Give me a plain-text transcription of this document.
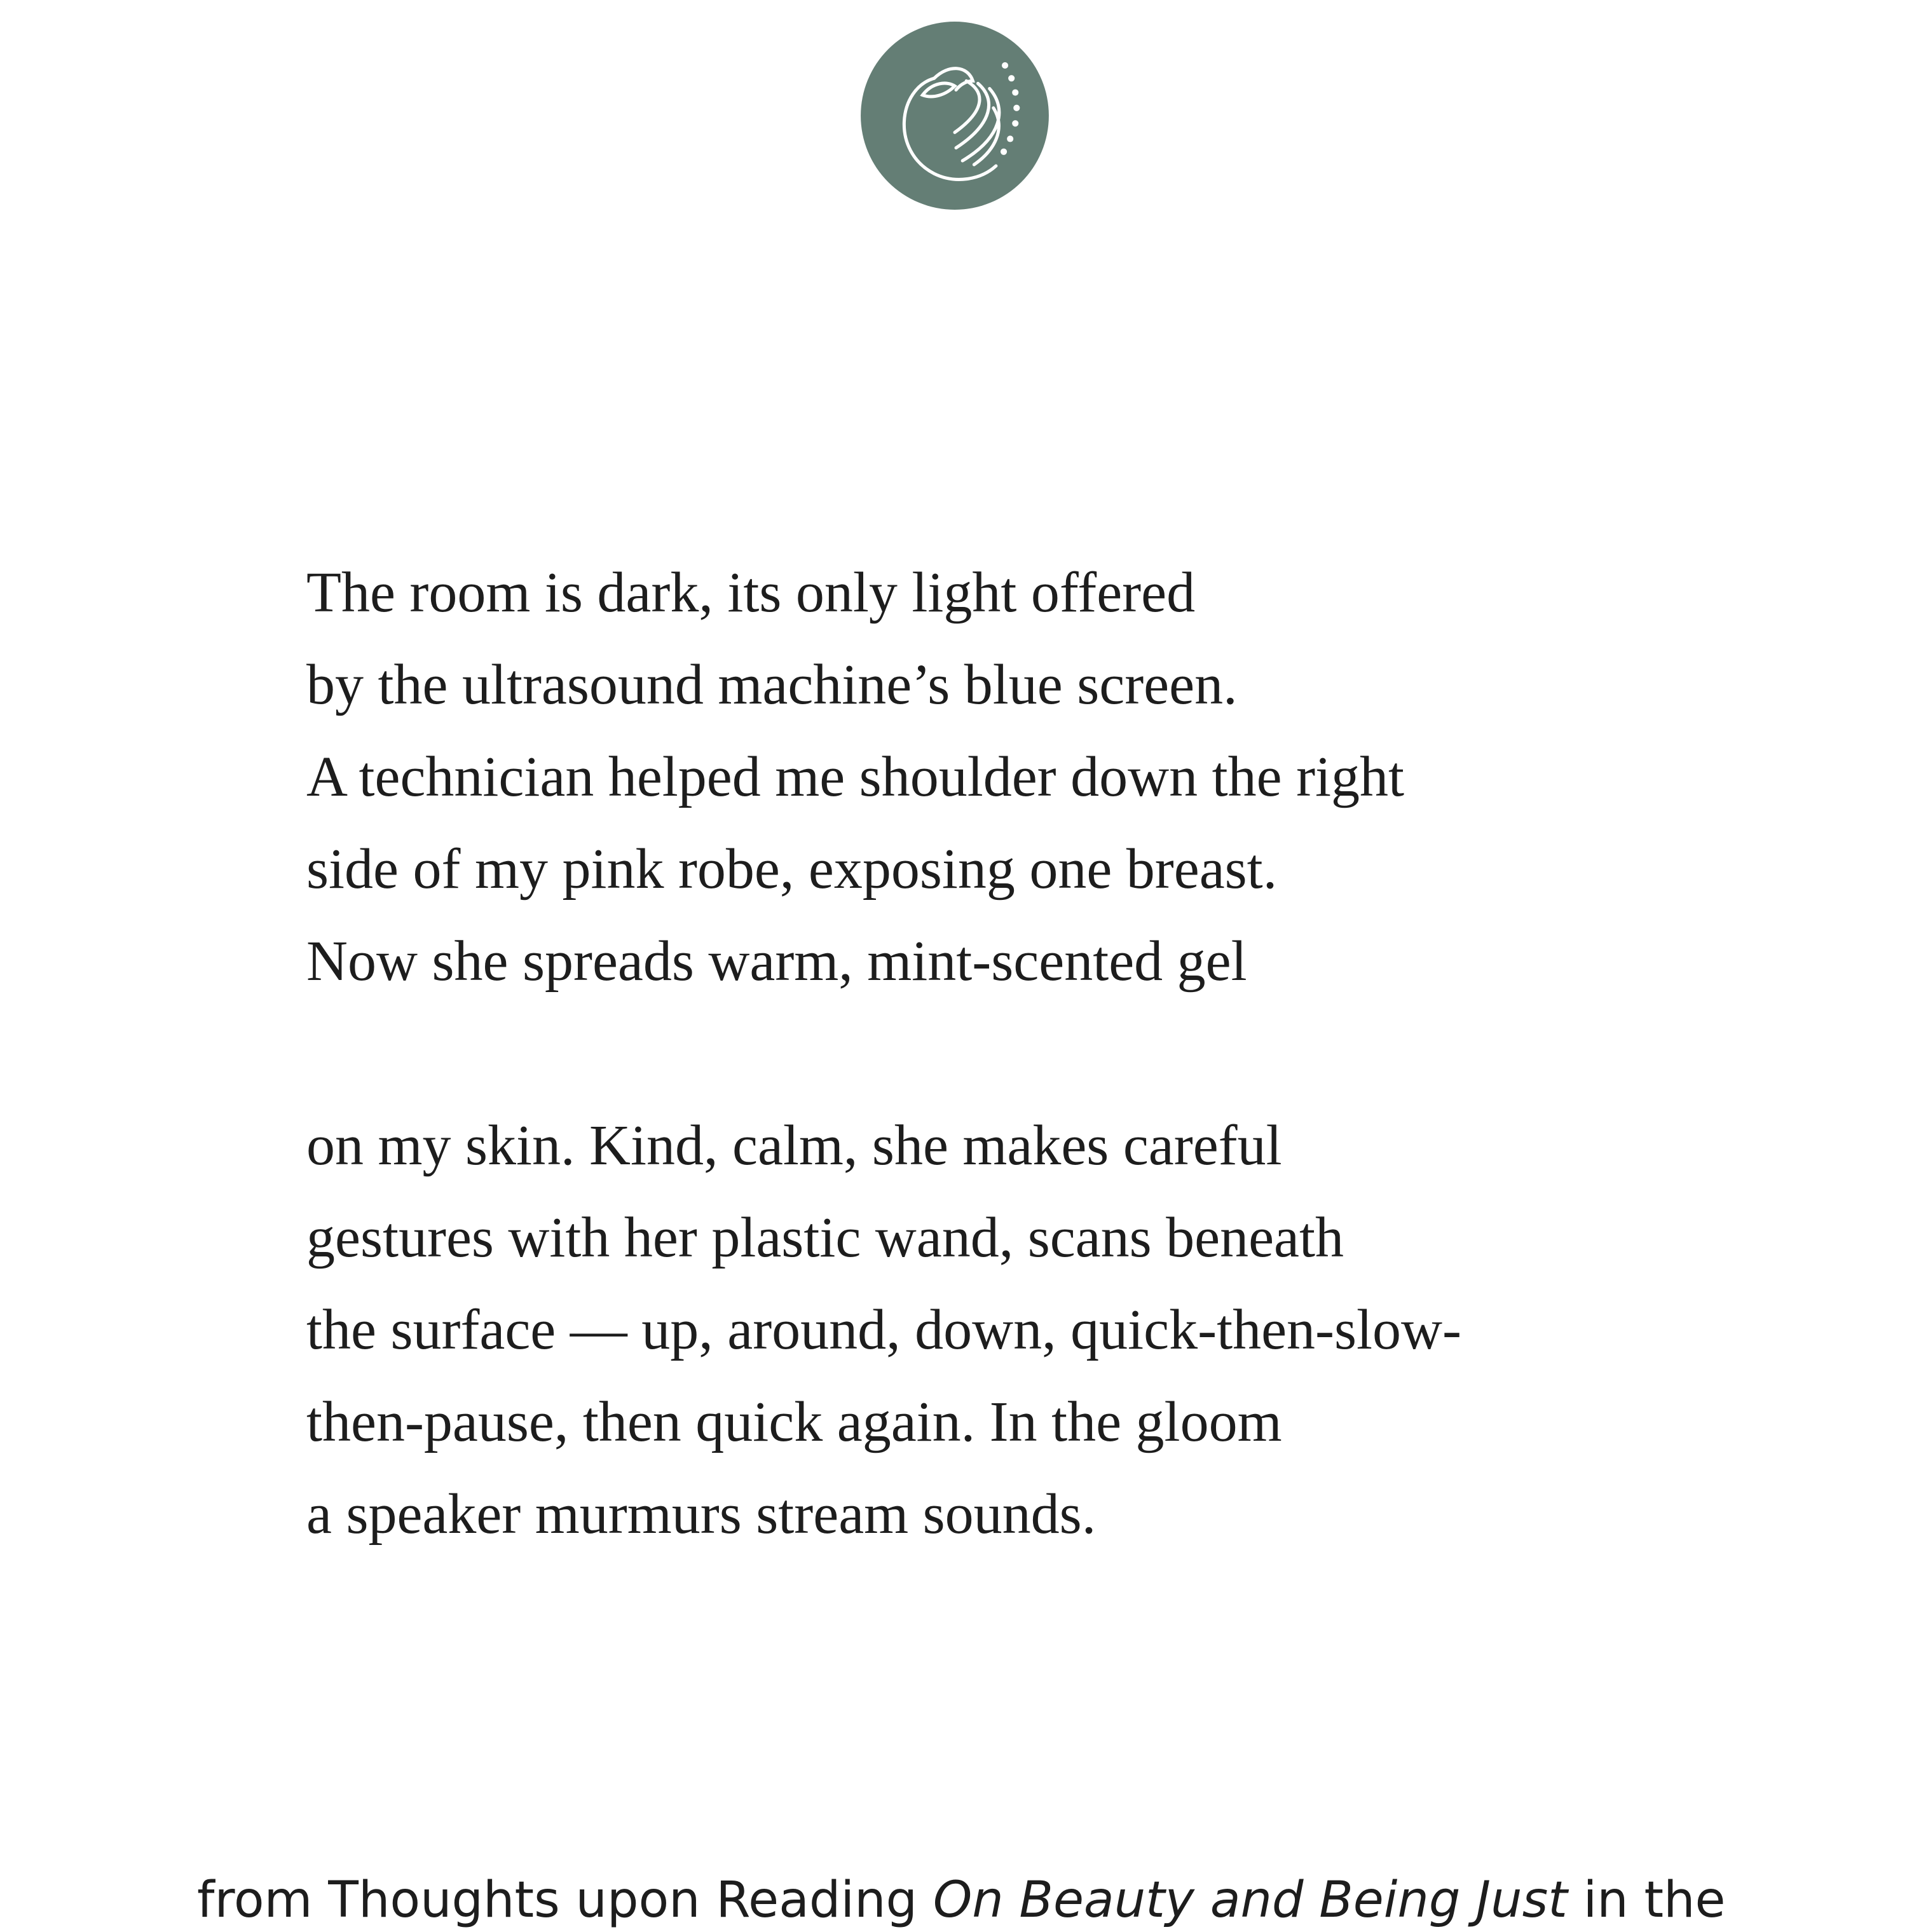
The room is dark, its only light offered
by the ultrasound machine’s blue screen.
A technician helped me shoulder down the right
side of my pink robe, exposing one breast.
Now she spreads warm, mint-scented gel

on my skin. Kind, calm, she makes careful
gestures with her plastic wand, scans beneath
the surface — up, around, down, quick-then-slow-
then-pause, then quick again. In the gloom
a speaker murmurs stream sounds.

from Thoughts upon Reading On Beauty and Being Just in the
